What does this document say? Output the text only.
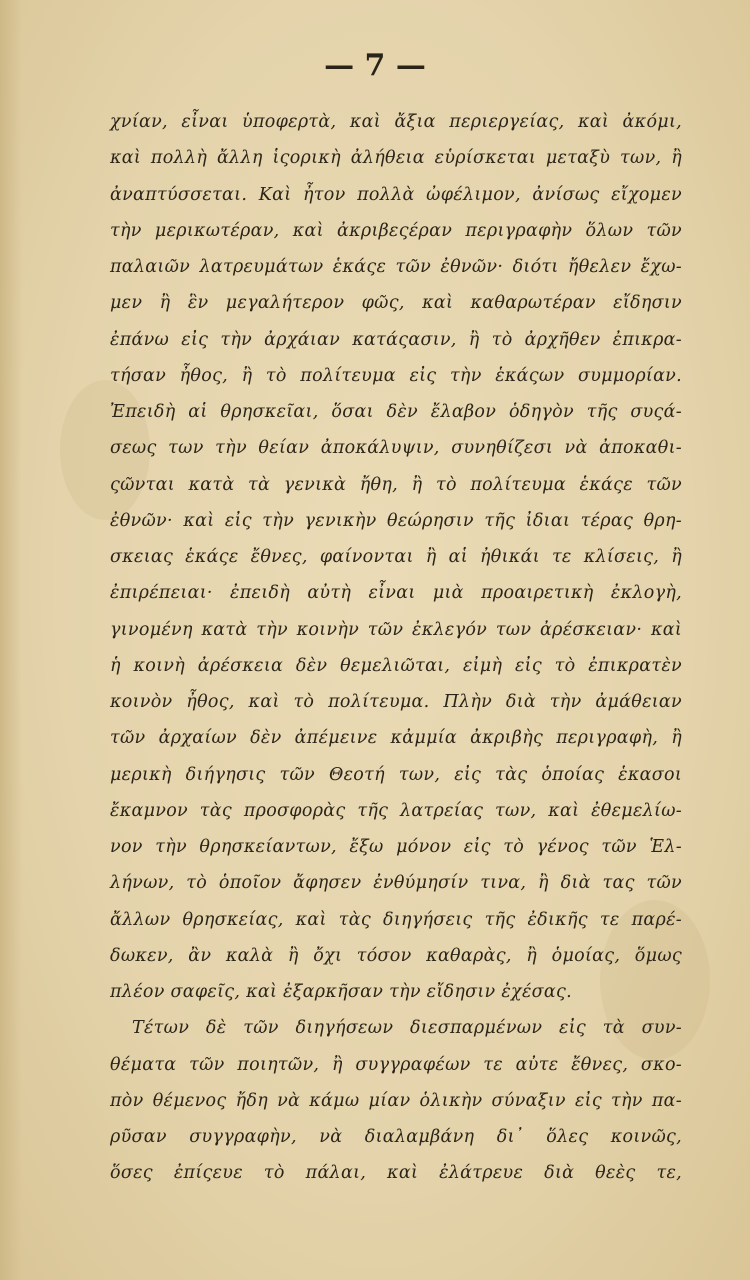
— 7 —
χνίαν, εἶναι ὑποφερτὰ, καὶ ἄξια περιεργείας, καὶ ἀκόμι,
καὶ πολλὴ ἄλλη ἱςορικὴ ἀλήθεια εὑρίσκεται μεταξὺ των, ἢ
ἀναπτύσσεται. Καὶ ἦτον πολλὰ ὠφέλιμον, ἀνίσως εἴχομεν
τὴν μερικωτέραν, καὶ ἀκριβεςέραν περιγραφὴν ὅλων τῶν
παλαιῶν λατρευμάτων ἑκάςε τῶν ἐθνῶν· διότι ἤθελεν ἔχω-
μεν ἢ ἓν μεγαλήτερον φῶς, καὶ καθαρωτέραν εἴδησιν
ἐπάνω εἰς τὴν ἀρχάιαν κατάςασιν, ἢ τὸ ἀρχῆθεν ἐπικρα-
τήσαν ἦθος, ἢ τὸ πολίτευμα εἰς τὴν ἑκάςων συμμορίαν.
Ἐπειδὴ αἱ θρησκεῖαι, ὅσαι δὲν ἔλαβον ὁδηγὸν τῆς συςά-
σεως των τὴν θείαν ἀποκάλυψιν, συνηθίζεσι νὰ ἀποκαθι-
ςῶνται κατὰ τὰ γενικὰ ἤθη, ἢ τὸ πολίτευμα ἑκάςε τῶν
ἐθνῶν· καὶ εἰς τὴν γενικὴν θεώρησιν τῆς ἰδιαι τέρας θρη-
σκειας ἑκάςε ἔθνες, φαίνονται ἢ αἱ ἠθικάι τε κλίσεις, ἢ
ἐπιρέπειαι· ἐπειδὴ αὐτὴ εἶναι μιὰ προαιρετικὴ ἐκλογὴ,
γινομένη κατὰ τὴν κοινὴν τῶν ἐκλεγόν των ἀρέσκειαν· καὶ
ἡ κοινὴ ἀρέσκεια δὲν θεμελιῶται, εἰμὴ εἰς τὸ ἐπικρατὲν
κοινὸν ἦθος, καὶ τὸ πολίτευμα. Πλὴν διὰ τὴν ἀμάθειαν
τῶν ἀρχαίων δὲν ἀπέμεινε κἀμμία ἀκριβὴς περιγραφὴ, ἢ
μερικὴ διήγησις τῶν Θεοτή των, εἰς τὰς ὁποίας ἑκασοι
ἔκαμνον τὰς προσφορὰς τῆς λατρείας των, καὶ ἐθεμελίω-
νον τὴν θρησκείαντων, ἔξω μόνον εἰς τὸ γένος τῶν Ἑλ-
λήνων, τὸ ὁποῖον ἄφησεν ἐνθύμησίν τινα, ἢ διὰ τας τῶν
ἄλλων θρησκείας, καὶ τὰς διηγήσεις τῆς ἐδικῆς τε παρέ-
δωκεν, ἂν καλὰ ἢ ὄχι τόσον καθαρὰς, ἢ ὁμοίας, ὅμως
πλέον σαφεῖς, καὶ ἐξαρκῆσαν τὴν εἴδησιν ἐχέσας.
Τέτων δὲ τῶν διηγήσεων διεσπαρμένων εἰς τὰ συν-
θέματα τῶν ποιητῶν, ἢ συγγραφέων τε αὐτε ἔθνες, σκο-
πὸν θέμενος ἤδη νὰ κάμω μίαν ὁλικὴν σύναξιν εἰς τὴν πα-
ρῦσαν συγγραφὴν, νὰ διαλαμβάνη δι᾽ ὅλες κοινῶς,
ὅσες ἐπίςευε τὸ πάλαι, καὶ ἐλάτρευε διὰ θεὲς τε,
